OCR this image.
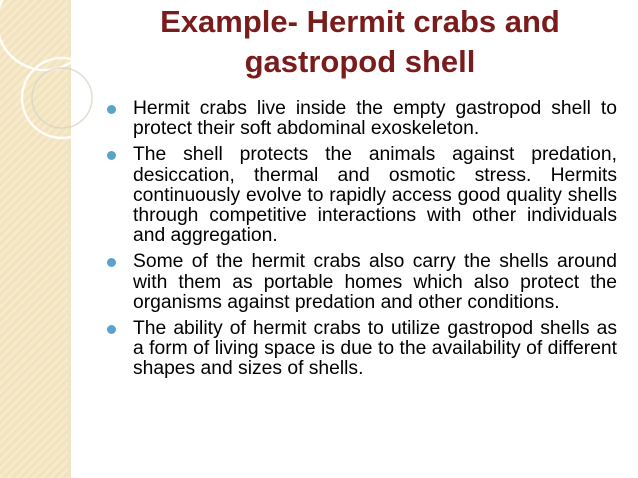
Example- Hermit crabs and
gastropod shell
Hermit crabs live inside the empty gastropod shell to protect their soft abdominal exoskeleton.
The shell protects the animals against predation, desiccation, thermal and osmotic stress. Hermits continuously evolve to rapidly access good quality shells through competitive interactions with other individuals and aggregation.
Some of the hermit crabs also carry the shells around with them as portable homes which also protect the organisms against predation and other conditions.
The ability of hermit crabs to utilize gastropod shells as a form of living space is due to the availability of different shapes and sizes of shells.
